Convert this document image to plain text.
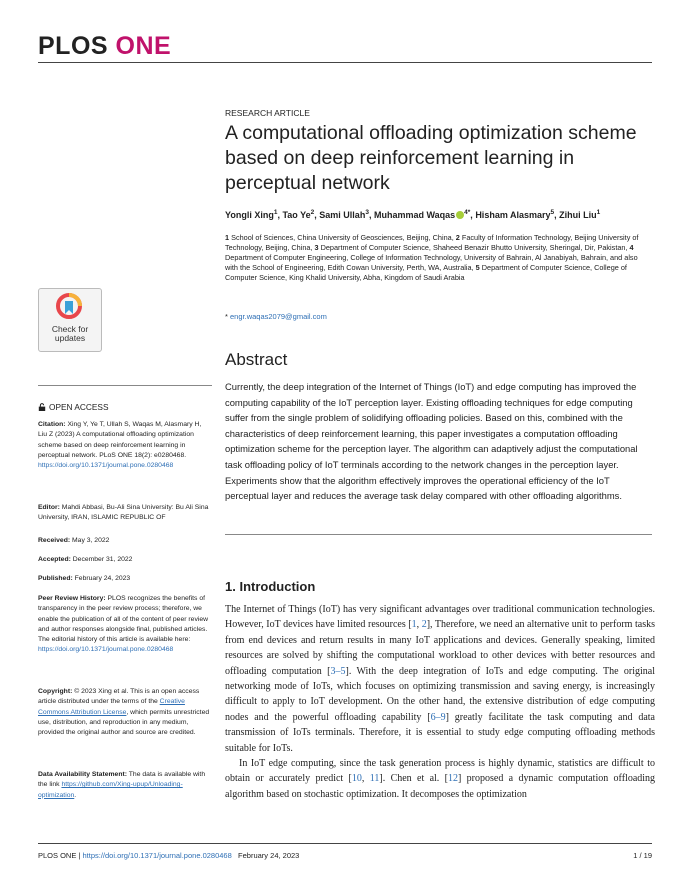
PLOS ONE
RESEARCH ARTICLE
A computational offloading optimization scheme based on deep reinforcement learning in perceptual network
Yongli Xing$^1$, Tao Ye$^2$, Sami Ullah$^3$, Muhammad Waqas $^{4*}$, Hisham Alasmary$^5$, Zihui Liu$^1$
1 School of Sciences, China University of Geosciences, Beijing, China, 2 Faculty of Information Technology, Beijing University of Technology, Beijing, China, 3 Department of Computer Science, Shaheed Benazir Bhutto University, Sheringal, Dir, Pakistan, 4 Department of Computer Engineering, College of Information Technology, University of Bahrain, Al Janabiyah, Bahrain, and also with the School of Engineering, Edith Cowan University, Perth, WA, Australia, 5 Department of Computer Science, College of Computer Science, King Khalid University, Abha, Kingdom of Saudi Arabia
* engr.waqas2079@gmail.com
Check for
updates
OPEN ACCESS
Citation: Xing Y, Ye T, Ullah S, Waqas M, Alasmary H, Liu Z (2023) A computational offloading optimization scheme based on deep reinforcement learning in perceptual network. PLoS ONE 18(2): e0280468. https://doi.org/10.1371/journal.pone.0280468
Editor: Mahdi Abbasi, Bu-Ali Sina University: Bu Ali Sina University, IRAN, ISLAMIC REPUBLIC OF
Received: May 3, 2022
Accepted: December 31, 2022
Published: February 24, 2023
Peer Review History: PLOS recognizes the benefits of transparency in the peer review process; therefore, we enable the publication of all of the content of peer review and author responses alongside final, published articles. The editorial history of this article is available here: https://doi.org/10.1371/journal.pone.0280468
Copyright: © 2023 Xing et al. This is an open access article distributed under the terms of the Creative Commons Attribution License, which permits unrestricted use, distribution, and reproduction in any medium, provided the original author and source are credited.
Data Availability Statement: The data is available with the link https://github.com/Xing-upup/Unloading-optimization.
Abstract
Currently, the deep integration of the Internet of Things (IoT) and edge computing has improved the computing capability of the IoT perception layer. Existing offloading techniques for edge computing suffer from the single problem of solidifying offloading policies. Based on this, combined with the characteristics of deep reinforcement learning, this paper investigates a computation offloading optimization scheme for the perception layer. The algorithm can adaptively adjust the computational task offloading policy of IoT terminals according to the network changes in the perception layer. Experiments show that the algorithm effectively improves the operational efficiency of the IoT perceptual layer and reduces the average task delay compared with other offloading algorithms.
1. Introduction

The Internet of Things (IoT) has very significant advantages over traditional communication technologies. However, IoT devices have limited resources [1, 2], Therefore, we need an alternative unit to perform tasks from end devices and return results in many IoT applications and devices. Generally speaking, limited resources are solved by shifting the computational workload to other devices with better resources and offloading computation [3–5]. With the deep integration of IoTs and edge computing. The original networking mode of IoTs, which focuses on optimizing transmission and saving energy, is increasingly difficult to apply to IoT development. On the other hand, the extensive distribution of edge computing nodes and the powerful offloading capability [6–9] greatly facilitate the task computing and data transmission of IoTs terminals. Therefore, it is essential to study edge computing offloading methods suitable for IoTs.

In IoT edge computing, since the task generation process is highly dynamic, statistics are difficult to obtain or accurately predict [10, 11]. Chen et al. [12] proposed a dynamic computation offloading algorithm based on stochastic optimization. It decomposes the optimization

PLOS ONE | https://doi.org/10.1371/journal.pone.0280468 February 24, 2023	1 / 19
